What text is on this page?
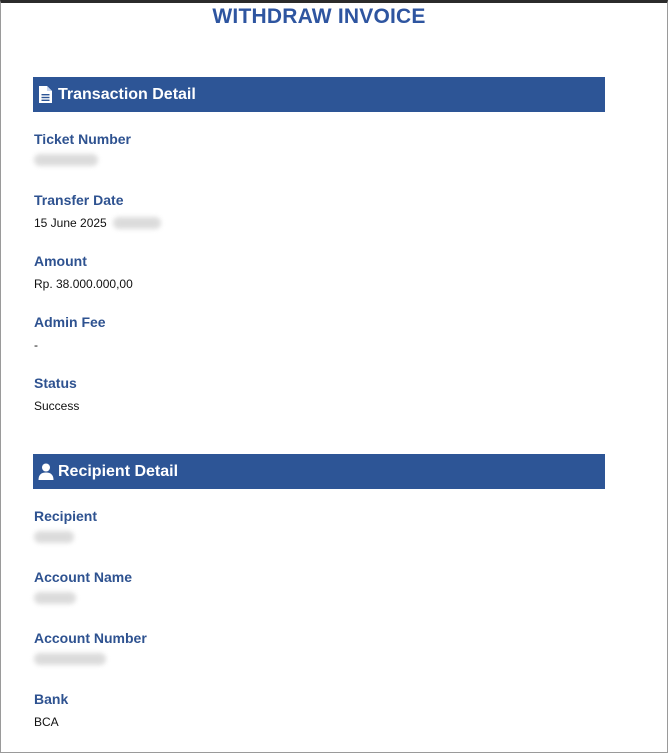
WITHDRAW INVOICE
Transaction Detail
Ticket Number
Transfer Date
15 June 2025
Amount
Rp. 38.000.000,00
Admin Fee
-
Status
Success
Recipient Detail
Recipient
Account Name
Account Number
Bank
BCA
